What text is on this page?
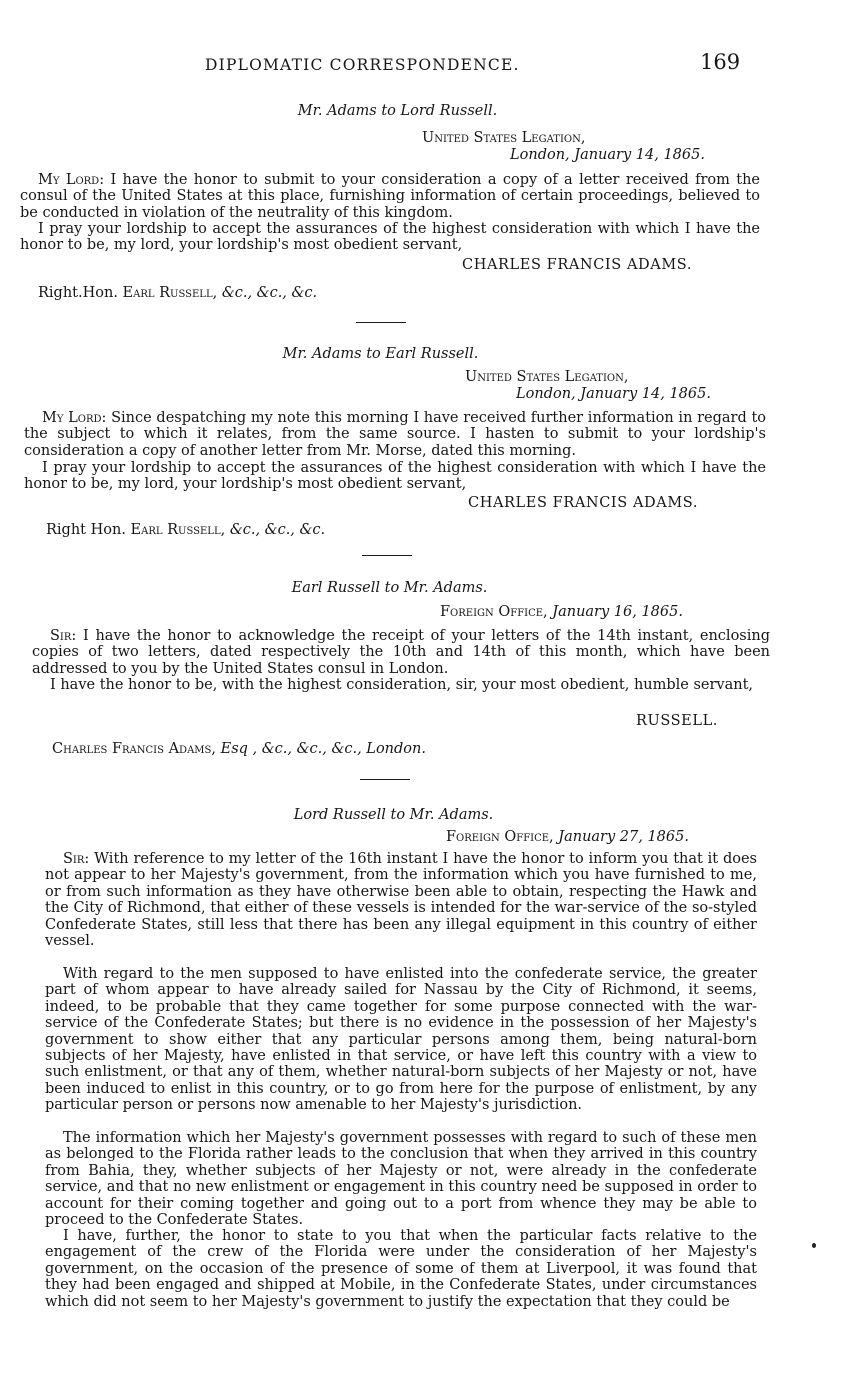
DIPLOMATIC CORRESPONDENCE.	169
Mr. Adams to Lord Russell.
United States Legation,
London, January 14, 1865.
My Lord: I have the honor to submit to your consideration a copy of a letter received from the consul of the United States at this place, furnishing information of certain proceedings, believed to be conducted in violation of the neutrality of this kingdom.
I pray your lordship to accept the assurances of the highest consideration with which I have the honor to be, my lord, your lordship's most obedient servant,
CHARLES FRANCIS ADAMS.
Right.Hon. Earl Russell, &c., &c., &c.
Mr. Adams to Earl Russell.
United States Legation,
London, January 14, 1865.
My Lord: Since despatching my note this morning I have received further information in regard to the subject to which it relates, from the same source. I hasten to submit to your lordship's consideration a copy of another letter from Mr. Morse, dated this morning.
I pray your lordship to accept the assurances of the highest consideration with which I have the honor to be, my lord, your lordship's most obedient servant,
CHARLES FRANCIS ADAMS.
Right Hon. Earl Russell, &c., &c., &c.
Earl Russell to Mr. Adams.
Foreign Office, January 16, 1865.
Sir: I have the honor to acknowledge the receipt of your letters of the 14th instant, enclosing copies of two letters, dated respectively the 10th and 14th of this month, which have been addressed to you by the United States consul in London.
I have the honor to be, with the highest consideration, sir, your most obedient, humble servant,
RUSSELL.
Charles Francis Adams, Esq , &c., &c., &c., London.
Lord Russell to Mr. Adams.
Foreign Office, January 27, 1865.
Sir: With reference to my letter of the 16th instant I have the honor to inform you that it does not appear to her Majesty's government, from the information which you have furnished to me, or from such information as they have otherwise been able to obtain, respecting the Hawk and the City of Richmond, that either of these vessels is intended for the war-service of the so-styled Confederate States, still less that there has been any illegal equipment in this country of either vessel.
With regard to the men supposed to have enlisted into the confederate service, the greater part of whom appear to have already sailed for Nassau by the City of Richmond, it seems, indeed, to be probable that they came together for some purpose connected with the war-service of the Confederate States; but there is no evidence in the possession of her Majesty's government to show either that any particular persons among them, being natural-born subjects of her Majesty, have enlisted in that service, or have left this country with a view to such enlistment, or that any of them, whether natural-born subjects of her Majesty or not, have been induced to enlist in this country, or to go from here for the purpose of enlistment, by any particular person or persons now amenable to her Majesty's jurisdiction.
The information which her Majesty's government possesses with regard to such of these men as belonged to the Florida rather leads to the conclusion that when they arrived in this country from Bahia, they, whether subjects of her Majesty or not, were already in the confederate service, and that no new enlistment or engagement in this country need be supposed in order to account for their coming together and going out to a port from whence they may be able to proceed to the Confederate States.
I have, further, the honor to state to you that when the particular facts relative to the engagement of the crew of the Florida were under the consideration of her Majesty's government, on the occasion of the presence of some of them at Liverpool, it was found that they had been engaged and shipped at Mobile, in the Confederate States, under circumstances which did not seem to her Majesty's government to justify the expectation that they could be
